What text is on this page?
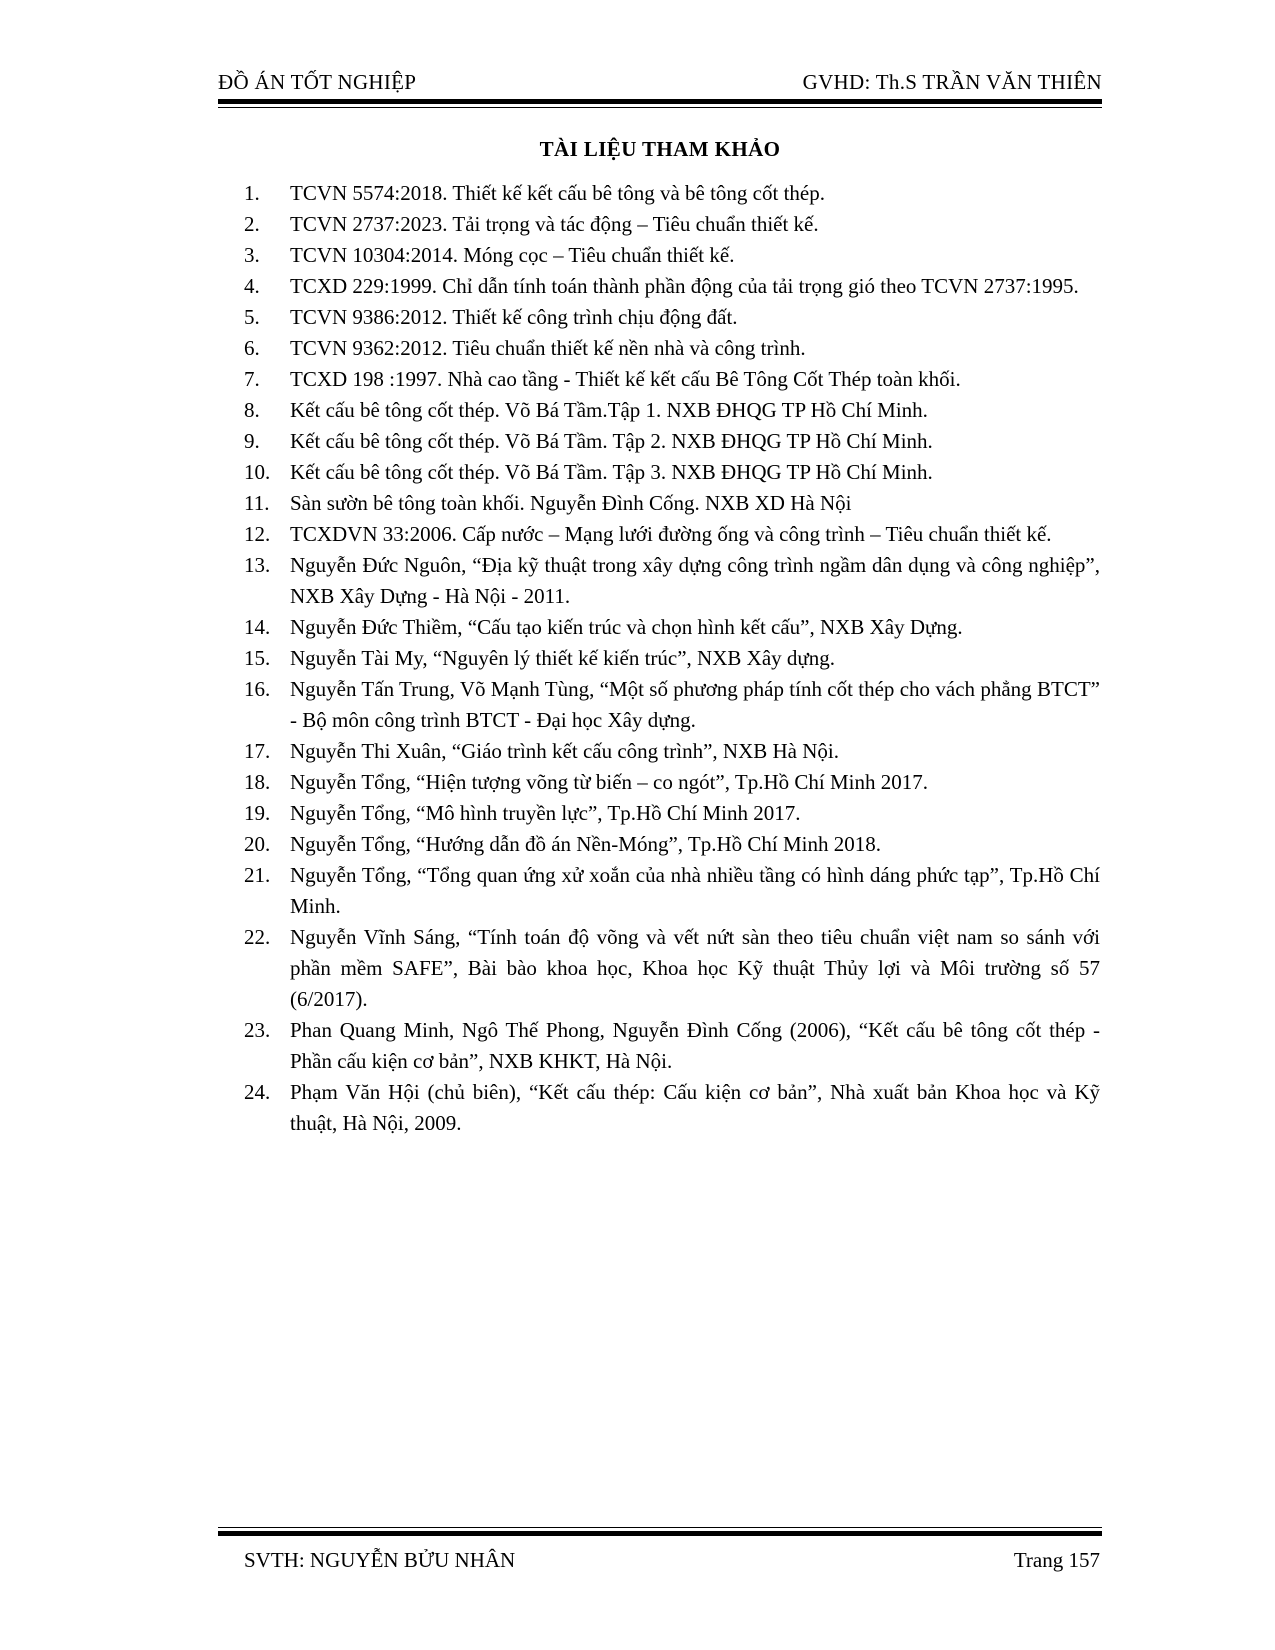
ĐỒ ÁN TỐT NGHIỆP	GVHD: Th.S TRẦN VĂN THIÊN
TÀI LIỆU THAM KHẢO
1. TCVN 5574:2018. Thiết kế kết cấu bê tông và bê tông cốt thép.
2. TCVN 2737:2023. Tải trọng và tác động – Tiêu chuẩn thiết kế.
3. TCVN 10304:2014. Móng cọc – Tiêu chuẩn thiết kế.
4. TCXD 229:1999. Chỉ dẫn tính toán thành phần động của tải trọng gió theo TCVN 2737:1995.
5. TCVN 9386:2012. Thiết kế công trình chịu động đất.
6. TCVN 9362:2012. Tiêu chuẩn thiết kế nền nhà và công trình.
7. TCXD 198 :1997. Nhà cao tầng - Thiết kế kết cấu Bê Tông Cốt Thép toàn khối.
8. Kết cấu bê tông cốt thép. Võ Bá Tầm.Tập 1. NXB ĐHQG TP Hồ Chí Minh.
9. Kết cấu bê tông cốt thép. Võ Bá Tầm. Tập 2. NXB ĐHQG TP Hồ Chí Minh.
10. Kết cấu bê tông cốt thép. Võ Bá Tầm. Tập 3. NXB ĐHQG TP Hồ Chí Minh.
11. Sàn sườn bê tông toàn khối. Nguyễn Đình Cống. NXB XD Hà Nội
12. TCXDVN 33:2006. Cấp nước – Mạng lưới đường ống và công trình – Tiêu chuẩn thiết kế.
13. Nguyễn Đức Nguôn, “Địa kỹ thuật trong xây dựng công trình ngầm dân dụng và công nghiệp”, NXB Xây Dựng - Hà Nội - 2011.
14. Nguyễn Đức Thiềm, “Cấu tạo kiến trúc và chọn hình kết cấu”, NXB Xây Dựng.
15. Nguyễn Tài My, “Nguyên lý thiết kế kiến trúc”, NXB Xây dựng.
16. Nguyễn Tấn Trung, Võ Mạnh Tùng, “Một số phương pháp tính cốt thép cho vách phẳng BTCT” - Bộ môn công trình BTCT - Đại học Xây dựng.
17. Nguyễn Thi Xuân, “Giáo trình kết cấu công trình”, NXB Hà Nội.
18. Nguyễn Tổng, “Hiện tượng võng từ biến – co ngót”, Tp.Hồ Chí Minh 2017.
19. Nguyễn Tổng, “Mô hình truyền lực”, Tp.Hồ Chí Minh 2017.
20. Nguyễn Tổng, “Hướng dẫn đồ án Nền-Móng”, Tp.Hồ Chí Minh 2018.
21. Nguyễn Tổng, “Tổng quan ứng xử xoắn của nhà nhiều tầng có hình dáng phức tạp”, Tp.Hồ Chí Minh.
22. Nguyễn Vĩnh Sáng, “Tính toán độ võng và vết nứt sàn theo tiêu chuẩn việt nam so sánh với phần mềm SAFE”, Bài bào khoa học, Khoa học Kỹ thuật Thủy lợi và Môi trường số 57 (6/2017).
23. Phan Quang Minh, Ngô Thế Phong, Nguyễn Đình Cống (2006), “Kết cấu bê tông cốt thép - Phần cấu kiện cơ bản”, NXB KHKT, Hà Nội.
24. Phạm Văn Hội (chủ biên), “Kết cấu thép: Cấu kiện cơ bản”, Nhà xuất bản Khoa học và Kỹ thuật, Hà Nội, 2009.
SVTH: NGUYỄN BỬU NHÂN	Trang 157
